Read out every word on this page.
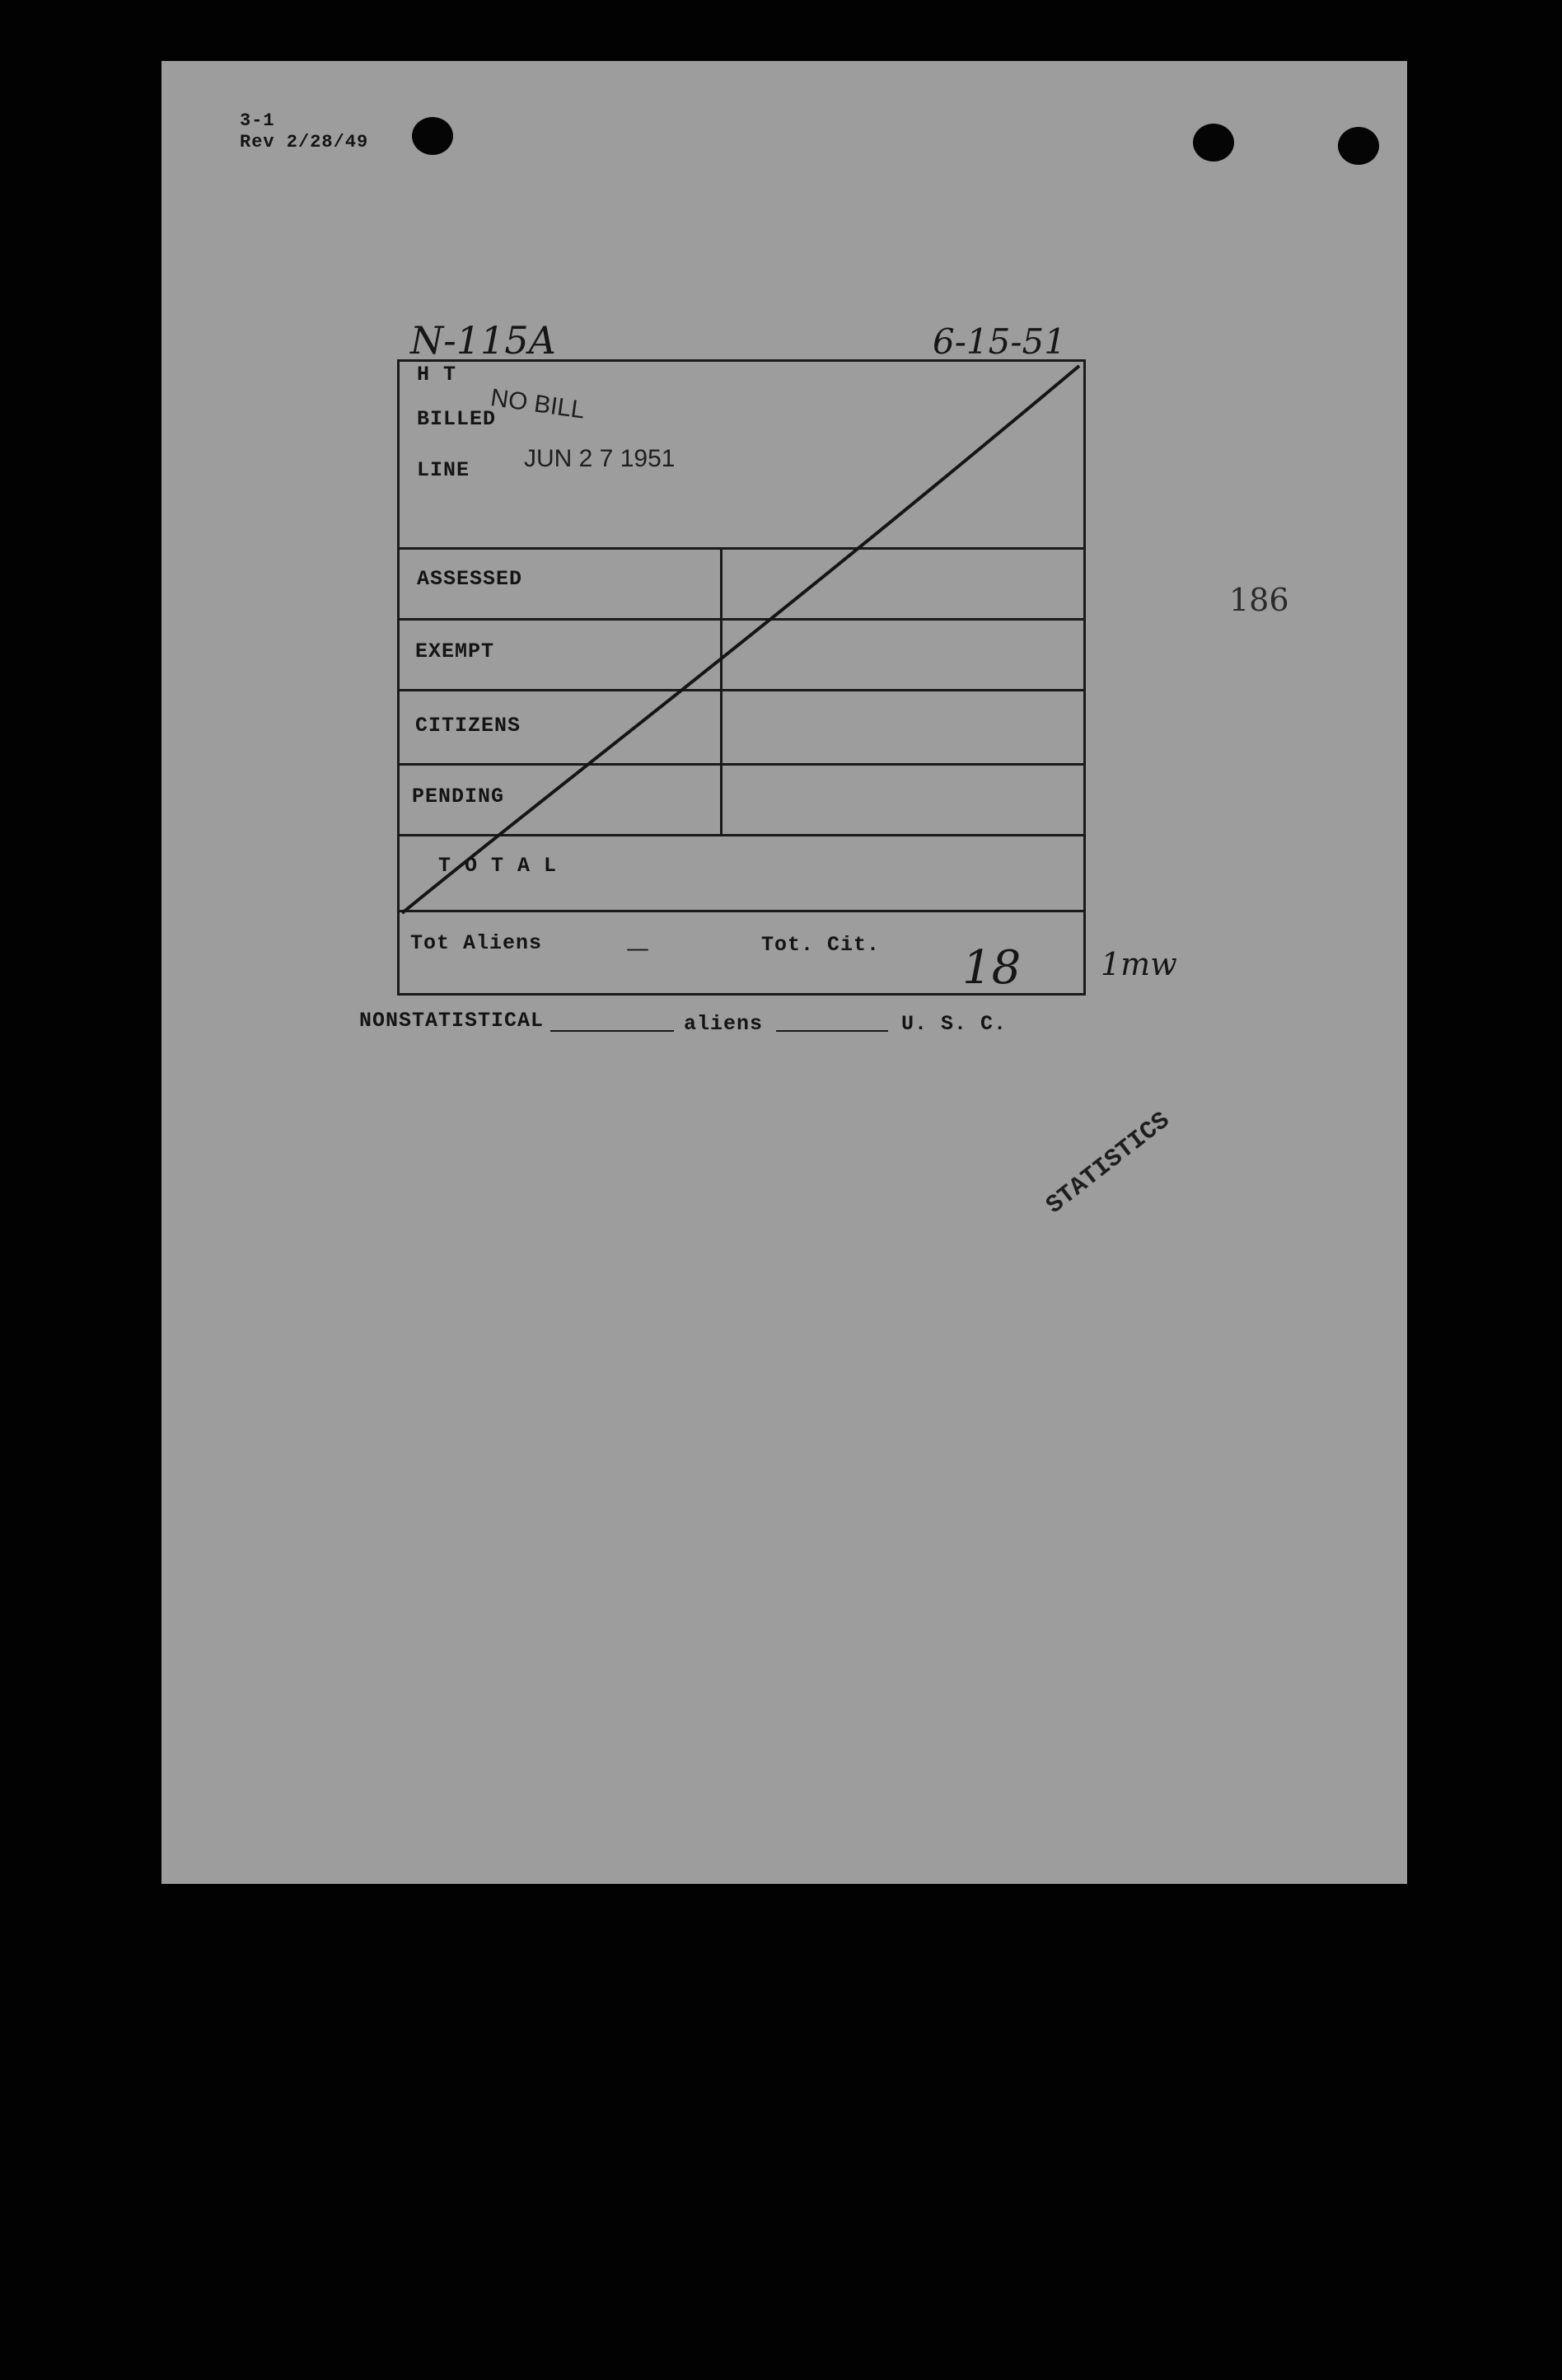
3-1
Rev 2/28/49
N-115A	6-15-51
186
H T
BILLED
LINE
NO BILL
JUN 2 7 1951
ASSESSED
EXEMPT
CITIZENS
PENDING
T O T A L
Tot Aliens	—	Tot. Cit. 18	1mw
NONSTATISTICAL	aliens	U. S. C.
STATISTICS
